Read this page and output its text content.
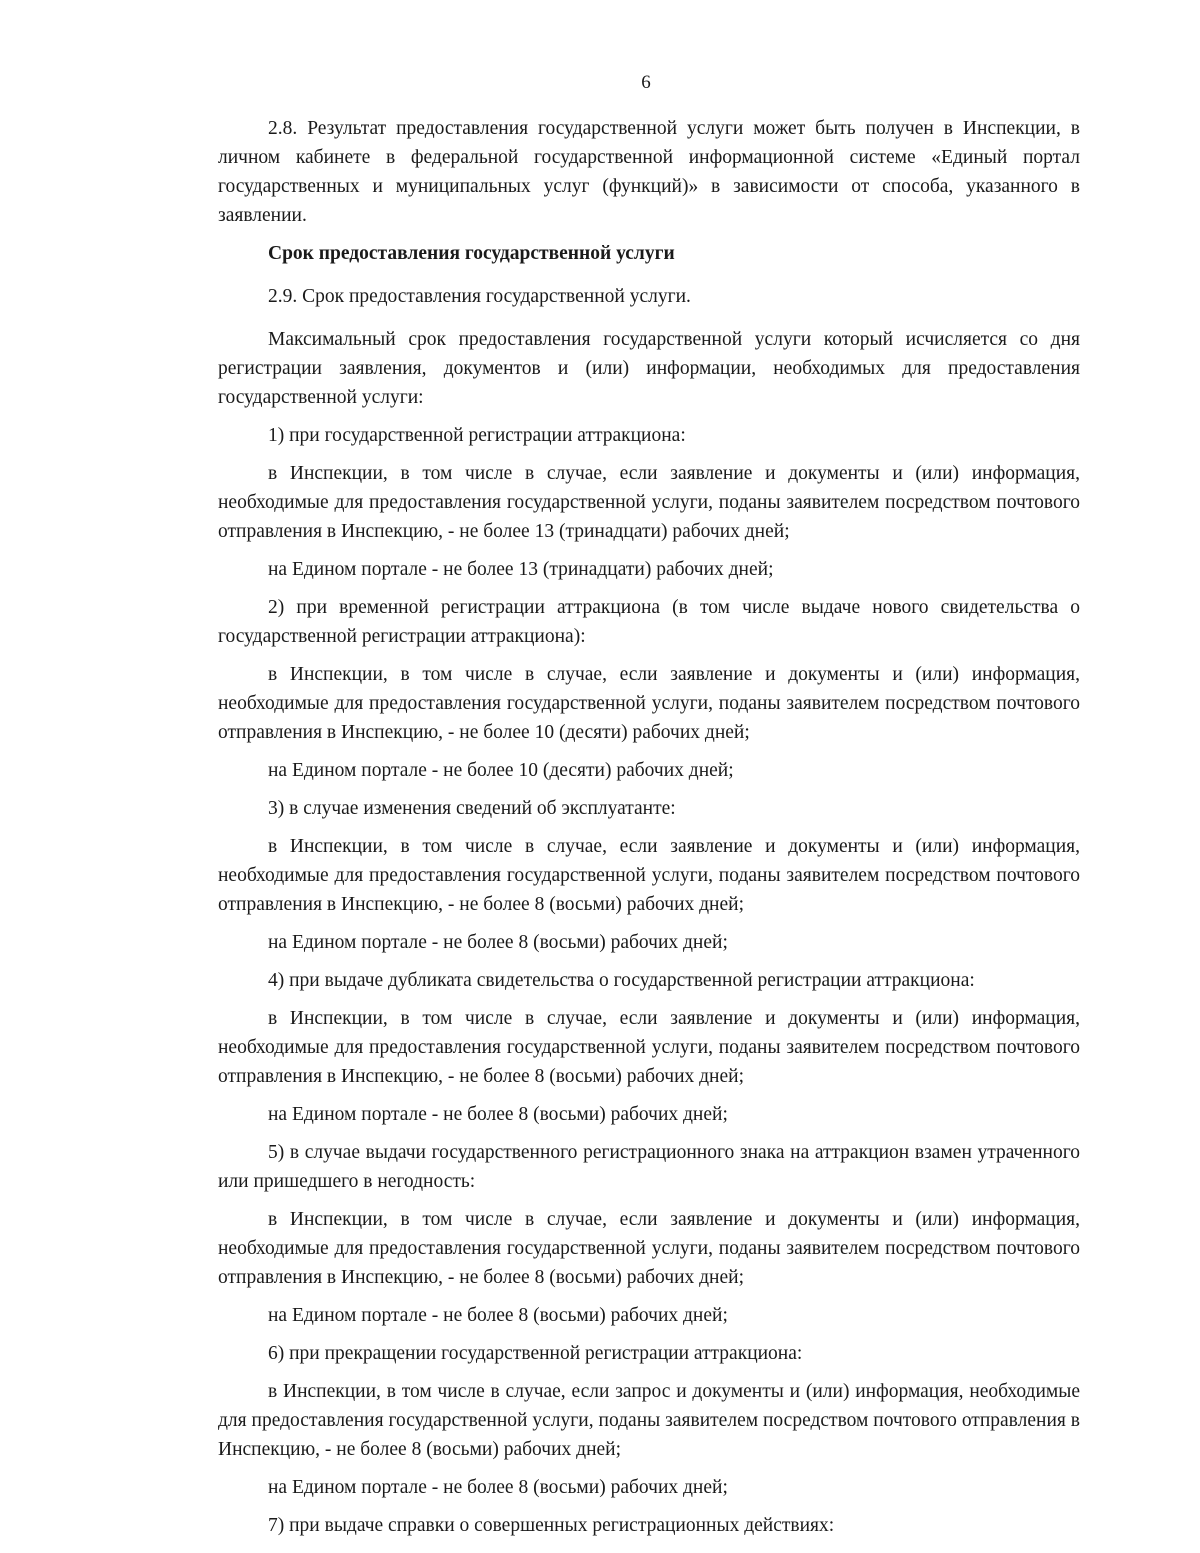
6

2.8. Результат предоставления государственной услуги может быть получен в Инспекции, в личном кабинете в федеральной государственной информационной системе «Единый портал государственных и муниципальных услуг (функций)» в зависимости от способа, указанного в заявлении.

Срок предоставления государственной услуги

2.9. Срок предоставления государственной услуги.

Максимальный срок предоставления государственной услуги который исчисляется со дня регистрации заявления, документов и (или) информации, необходимых для предоставления государственной услуги:

1) при государственной регистрации аттракциона:

в Инспекции, в том числе в случае, если заявление и документы и (или) информация, необходимые для предоставления государственной услуги, поданы заявителем посредством почтового отправления в Инспекцию, - не более 13 (тринадцати) рабочих дней;

на Едином портале - не более 13 (тринадцати) рабочих дней;

2) при временной регистрации аттракциона (в том числе выдаче нового свидетельства о государственной регистрации аттракциона):

в Инспекции, в том числе в случае, если заявление и документы и (или) информация, необходимые для предоставления государственной услуги, поданы заявителем посредством почтового отправления в Инспекцию, - не более 10 (десяти) рабочих дней;

на Едином портале - не более 10 (десяти) рабочих дней;

3) в случае изменения сведений об эксплуатанте:

в Инспекции, в том числе в случае, если заявление и документы и (или) информация, необходимые для предоставления государственной услуги, поданы заявителем посредством почтового отправления в Инспекцию, - не более 8 (восьми) рабочих дней;

на Едином портале - не более 8 (восьми) рабочих дней;

4) при выдаче дубликата свидетельства о государственной регистрации аттракциона:

в Инспекции, в том числе в случае, если заявление и документы и (или) информация, необходимые для предоставления государственной услуги, поданы заявителем посредством почтового отправления в Инспекцию, - не более 8 (восьми) рабочих дней;

на Едином портале - не более 8 (восьми) рабочих дней;

5) в случае выдачи государственного регистрационного знака на аттракцион взамен утраченного или пришедшего в негодность:

в Инспекции, в том числе в случае, если заявление и документы и (или) информация, необходимые для предоставления государственной услуги, поданы заявителем посредством почтового отправления в Инспекцию, - не более 8 (восьми) рабочих дней;

на Едином портале - не более 8 (восьми) рабочих дней;

6) при прекращении государственной регистрации аттракциона:

в Инспекции, в том числе в случае, если запрос и документы и (или) информация, необходимые для предоставления государственной услуги, поданы заявителем посредством почтового отправления в Инспекцию, - не более 8 (восьми) рабочих дней;

на Едином портале - не более 8 (восьми) рабочих дней;

7) при выдаче справки о совершенных регистрационных действиях:
